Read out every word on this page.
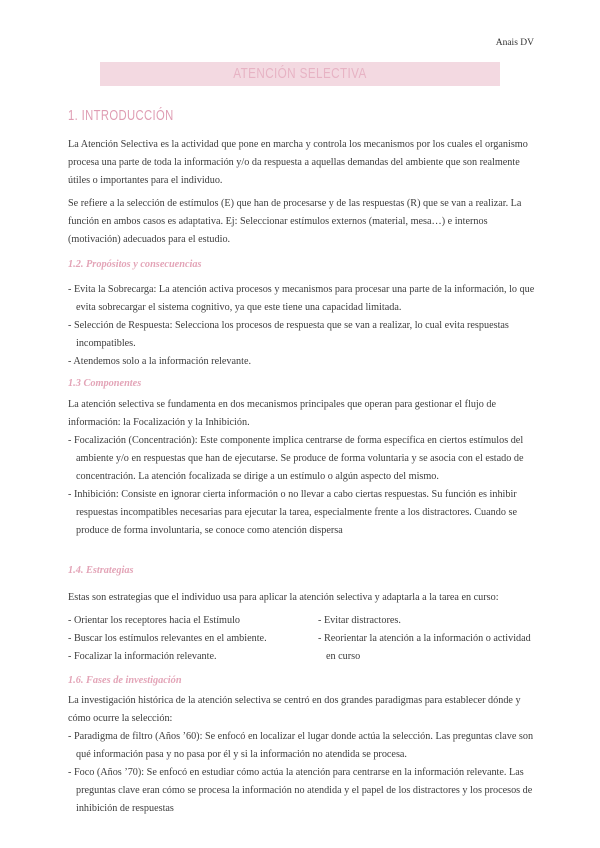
Anais DV
ATENCIÓN SELECTIVA
1. INTRODUCCIÓN

La Atención Selectiva es la actividad que pone en marcha y controla los mecanismos por los cuales el organismo procesa una parte de toda la información y/o da respuesta a aquellas demandas del ambiente que son realmente útiles o importantes para el individuo.

Se refiere a la selección de estímulos (E) que han de procesarse y de las respuestas (R) que se van a realizar. La función en ambos casos es adaptativa. Ej: Seleccionar estímulos externos (material, mesa…) e internos (motivación) adecuados para el estudio.

1.2. Propósitos y consecuencias
- Evita la Sobrecarga: La atención activa procesos y mecanismos para procesar una parte de la información, lo que evita sobrecargar el sistema cognitivo, ya que este tiene una capacidad limitada.
- Selección de Respuesta: Selecciona los procesos de respuesta que se van a realizar, lo cual evita respuestas incompatibles.
- Atendemos solo a la información relevante.
1.3 Componentes

La atención selectiva se fundamenta en dos mecanismos principales que operan para gestionar el flujo de información: la Focalización y la Inhibición.

- Focalización (Concentración): Este componente implica centrarse de forma específica en ciertos estímulos del ambiente y/o en respuestas que han de ejecutarse. Se produce de forma voluntaria y se asocia con el estado de concentración. La atención focalizada se dirige a un estímulo o algún aspecto del mismo.
- Inhibición: Consiste en ignorar cierta información o no llevar a cabo ciertas respuestas. Su función es inhibir respuestas incompatibles necesarias para ejecutar la tarea, especialmente frente a los distractores. Cuando se produce de forma involuntaria, se conoce como atención dispersa
1.4. Estrategias

Estas son estrategias que el individuo usa para aplicar la atención selectiva y adaptarla a la tarea en curso:

- Orientar los receptores hacia el Estímulo
- Buscar los estímulos relevantes en el ambiente.
- Focalizar la información relevante.
- Evitar distractores.
- Reorientar la atención a la información o actividad en curso
1.6. Fases de investigación

La investigación histórica de la atención selectiva se centró en dos grandes paradigmas para establecer dónde y cómo ocurre la selección:

- Paradigma de filtro (Años ’60): Se enfocó en localizar el lugar donde actúa la selección. Las preguntas clave son qué información pasa y no pasa por él y si la información no atendida se procesa.
- Foco (Años ’70): Se enfocó en estudiar cómo actúa la atención para centrarse en la información relevante. Las preguntas clave eran cómo se procesa la información no atendida y el papel de los distractores y los procesos de inhibición de respuestas
